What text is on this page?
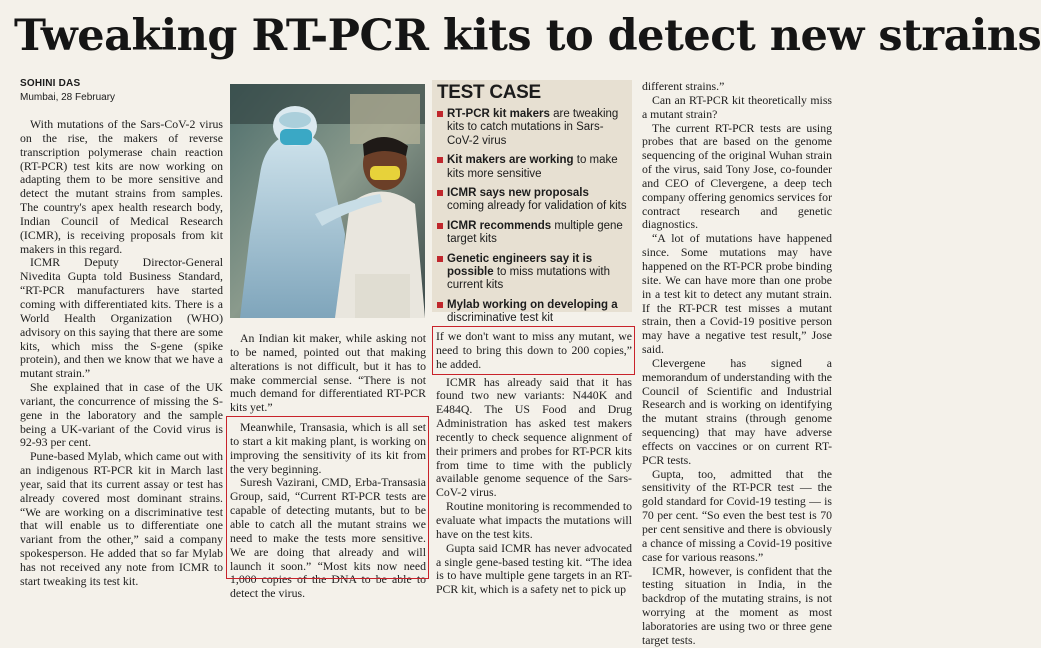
Tweaking RT-PCR kits to detect new strains
SOHINI DAS
Mumbai, 28 February

With mutations of the Sars-CoV-2 virus on the rise, the makers of reverse transcription polymerase chain reaction (RT-PCR) test kits are now working on adapting them to be more sensitive and detect the mutant strains from samples. The country's apex health research body, Indian Council of Medical Research (ICMR), is receiving proposals from kit makers in this regard.

ICMR Deputy Director-General Nivedita Gupta told Business Standard, “RT-PCR manufacturers have started coming with differentiated kits. There is a World Health Organization (WHO) advisory on this saying that there are some kits, which miss the S-gene (spike protein), and then we know that we have a mutant strain.”

She explained that in case of the UK variant, the concurrence of missing the S-gene in the laboratory and the sample being a UK-variant of the Covid virus is 92-93 per cent.

Pune-based Mylab, which came out with an indigenous RT-PCR kit in March last year, said that its current assay or test has already covered most dominant strains. “We are working on a discriminative test that will enable us to differentiate one variant from the other,” said a company spokesperson. He added that so far Mylab has not received any note from ICMR to start tweaking its test kit.

TEST CASE
RT-PCR kit makers are tweaking kits to catch mutations in Sars-CoV-2 virus
Kit makers are working to make kits more sensitive
ICMR says new proposals coming already for validation of kits
ICMR recommends multiple gene target kits
Genetic engineers say it is possible to miss mutations with current kits
Mylab working on developing a discriminative test kit

An Indian kit maker, while asking not to be named, pointed out that making alterations is not difficult, but it has to make commercial sense. “There is not much demand for differentiated RT-PCR kits yet.”

Meanwhile, Transasia, which is all set to start a kit making plant, is working on improving the sensitivity of its kit from the very beginning.

Suresh Vazirani, CMD, Erba-Transasia Group, said, “Current RT-PCR tests are capable of detecting mutants, but to be able to catch all the mutant strains we need to make the tests more sensitive. We are doing that already and will launch it soon.” “Most kits now need 1,000 copies of the DNA to be able to detect the virus.

If we don't want to miss any mutant, we need to bring this down to 200 copies,” he added.

ICMR has already said that it has found two new variants: N440K and E484Q. The US Food and Drug Administration has asked test makers recently to check sequence alignment of their primers and probes for RT-PCR kits from time to time with the publicly available genome sequence of the Sars-CoV-2 virus.

Routine monitoring is recommended to evaluate what impacts the mutations will have on the test kits.

Gupta said ICMR has never advocated a single gene-based testing kit. “The idea is to have multiple gene targets in an RT-PCR kit, which is a safety net to pick up

different strains.”

Can an RT-PCR kit theoretically miss a mutant strain?

The current RT-PCR tests are using probes that are based on the genome sequencing of the original Wuhan strain of the virus, said Tony Jose, co-founder and CEO of Clevergene, a deep tech company offering genomics services for contract research and genetic diagnostics.

“A lot of mutations have happened since. Some mutations may have happened on the RT-PCR probe binding site. We can have more than one probe in a test kit to detect any mutant strain. If the RT-PCR test misses a mutant strain, then a Covid-19 positive person may have a negative test result,” Jose said.

Clevergene has signed a memorandum of understanding with the Council of Scientific and Industrial Research and is working on identifying the mutant strains (through genome sequencing) that may have adverse effects on vaccines or on current RT-PCR tests.

Gupta, too, admitted that the sensitivity of the RT-PCR test — the gold standard for Covid-19 testing — is 70 per cent. “So even the best test is 70 per cent sensitive and there is obviously a chance of missing a Covid-19 positive case for various reasons.”

ICMR, however, is confident that the testing situation in India, in the backdrop of the mutating strains, is not worrying at the moment as most laboratories are using two or three gene target tests.
